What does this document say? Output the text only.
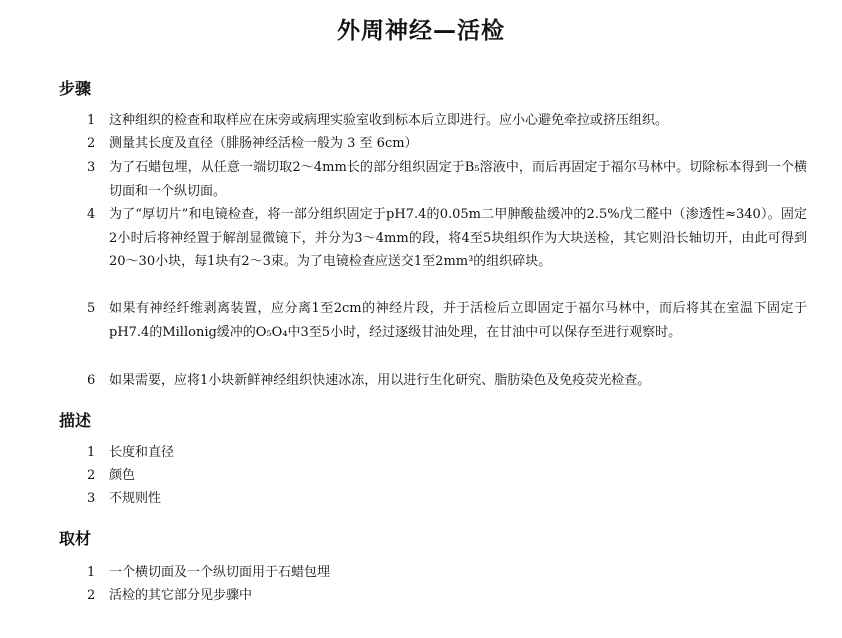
外周神经—活检
步骤
1	这种组织的检查和取样应在床旁或病理实验室收到标本后立即进行。应小心避免牵拉或挤压组织。
2	测量其长度及直径（腓肠神经活检一般为 3 至 6cm）
3	为了石蜡包埋，从任意一端切取2～4mm长的部分组织固定于B₅溶液中，而后再固定于福尔马林中。切除标本得到一个横切面和一个纵切面。
4	为了“厚切片”和电镜检查，将一部分组织固定于pH7.4的0.05m二甲胂酸盐缓冲的2.5%戊二醛中（渗透性≈340）。固定2小时后将神经置于解剖显微镜下，并分为3～4mm的段，将4至5块组织作为大块送检，其它则沿长轴切开，由此可得到20～30小块，每1块有2～3束。为了电镜检查应送交1至2mm³的组织碎块。
5	如果有神经纤维剥离装置，应分离1至2cm的神经片段，并于活检后立即固定于福尔马林中，而后将其在室温下固定于pH7.4的Millonig缓冲的O₅O₄中3至5小时，经过逐级甘油处理，在甘油中可以保存至进行观察时。
6	如果需要，应将1小块新鲜神经组织快速冰冻，用以进行生化研究、脂肪染色及免疫荧光检查。
描述
1 长度和直径
2 颜色
3 不规则性
取材
1 一个横切面及一个纵切面用于石蜡包埋
2 活检的其它部分见步骤中
